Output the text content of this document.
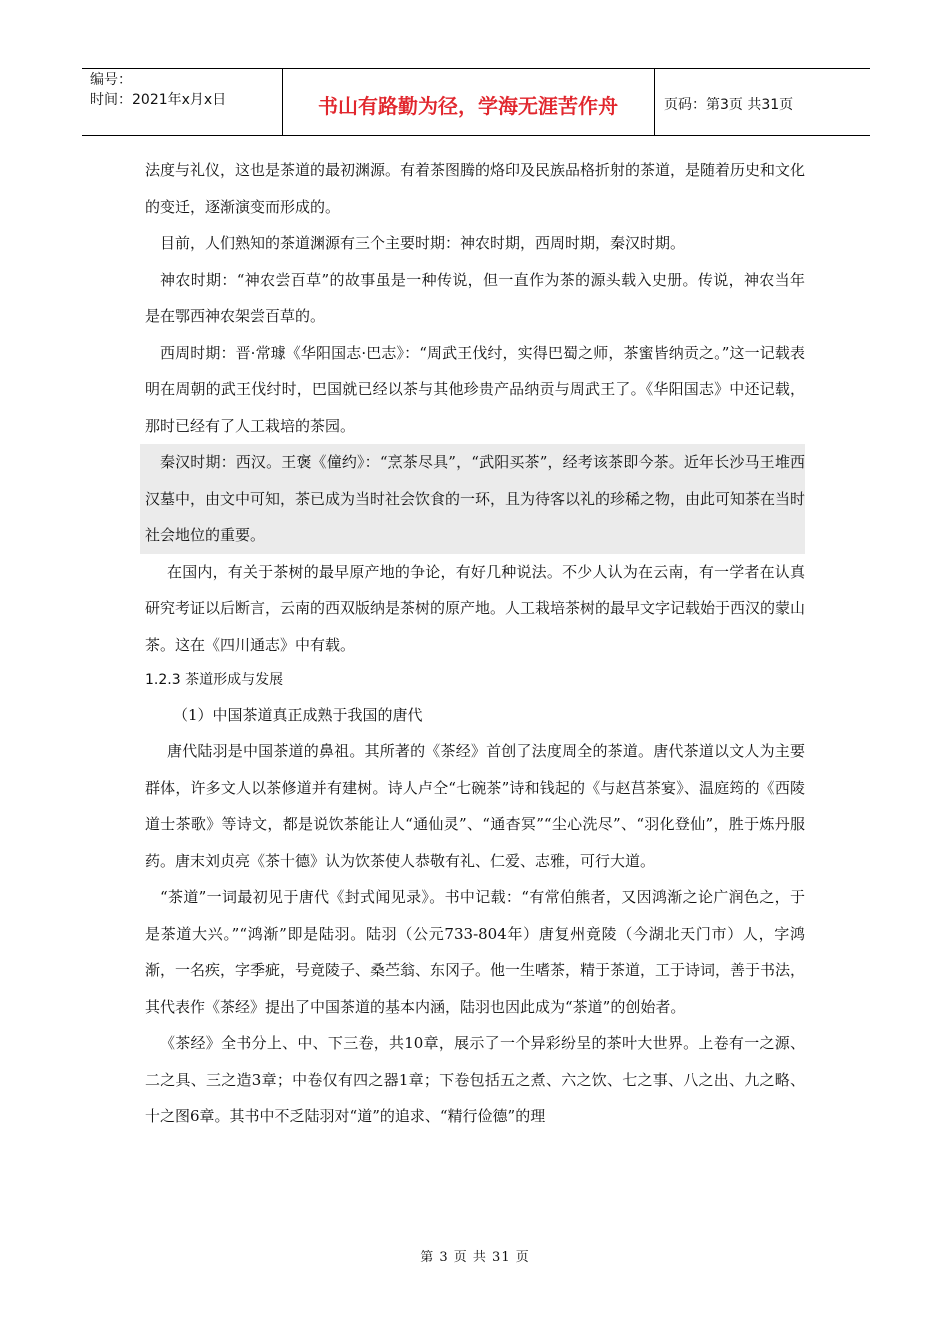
编号：
时间：2021年x月x日	书山有路勤为径，学海无涯苦作舟	页码：第3页 共31页

法度与礼仪，这也是茶道的最初渊源。有着茶图腾的烙印及民族品格折射的茶道，是随着历史和文化的变迁，逐渐演变而形成的。

目前，人们熟知的茶道渊源有三个主要时期：神农时期，西周时期，秦汉时期。

神农时期：“神农尝百草”的故事虽是一种传说，但一直作为茶的源头载入史册。传说，神农当年是在鄂西神农架尝百草的。

西周时期：晋·常璩《华阳国志·巴志》：“周武王伐纣，实得巴蜀之师，茶蜜皆纳贡之。”这一记载表明在周朝的武王伐纣时，巴国就已经以茶与其他珍贵产品纳贡与周武王了。《华阳国志》中还记载，那时已经有了人工栽培的茶园。

秦汉时期：西汉。王褒《僮约》：“烹茶尽具”，“武阳买茶”，经考该茶即今茶。近年长沙马王堆西汉墓中，由文中可知，茶已成为当时社会饮食的一环，且为待客以礼的珍稀之物，由此可知茶在当时社会地位的重要。

在国内，有关于茶树的最早原产地的争论，有好几种说法。不少人认为在云南，有一学者在认真研究考证以后断言，云南的西双版纳是茶树的原产地。人工栽培茶树的最早文字记载始于西汉的蒙山茶。这在《四川通志》中有载。

1.2.3 茶道形成与发展

（1）中国茶道真正成熟于我国的唐代

唐代陆羽是中国茶道的鼻祖。其所著的《茶经》首创了法度周全的茶道。唐代茶道以文人为主要群体，许多文人以茶修道并有建树。诗人卢仝“七碗茶”诗和钱起的《与赵莒茶宴》、温庭筠的《西陵道士茶歌》等诗文，都是说饮茶能让人“通仙灵”、“通杳冥”“尘心洗尽”、“羽化登仙”，胜于炼丹服药。唐末刘贞亮《茶十德》认为饮茶使人恭敬有礼、仁爱、志雅，可行大道。

“茶道”一词最初见于唐代《封式闻见录》。书中记载：“有常伯熊者，又因鸿渐之论广润色之，于是茶道大兴。”“鸿渐”即是陆羽。陆羽（公元733-804年）唐复州竟陵（今湖北天门市）人，字鸿渐，一名疾，字季疵，号竟陵子、桑苎翁、东冈子。他一生嗜茶，精于茶道，工于诗词，善于书法，其代表作《茶经》提出了中国茶道的基本内涵，陆羽也因此成为“茶道”的创始者。

《茶经》全书分上、中、下三卷，共10章，展示了一个异彩纷呈的茶叶大世界。上卷有一之源、二之具、三之造3章；中卷仅有四之器1章；下卷包括五之煮、六之饮、七之事、八之出、九之略、十之图6章。其书中不乏陆羽对“道”的追求、“精行俭德”的理

第 3 页 共 31 页
